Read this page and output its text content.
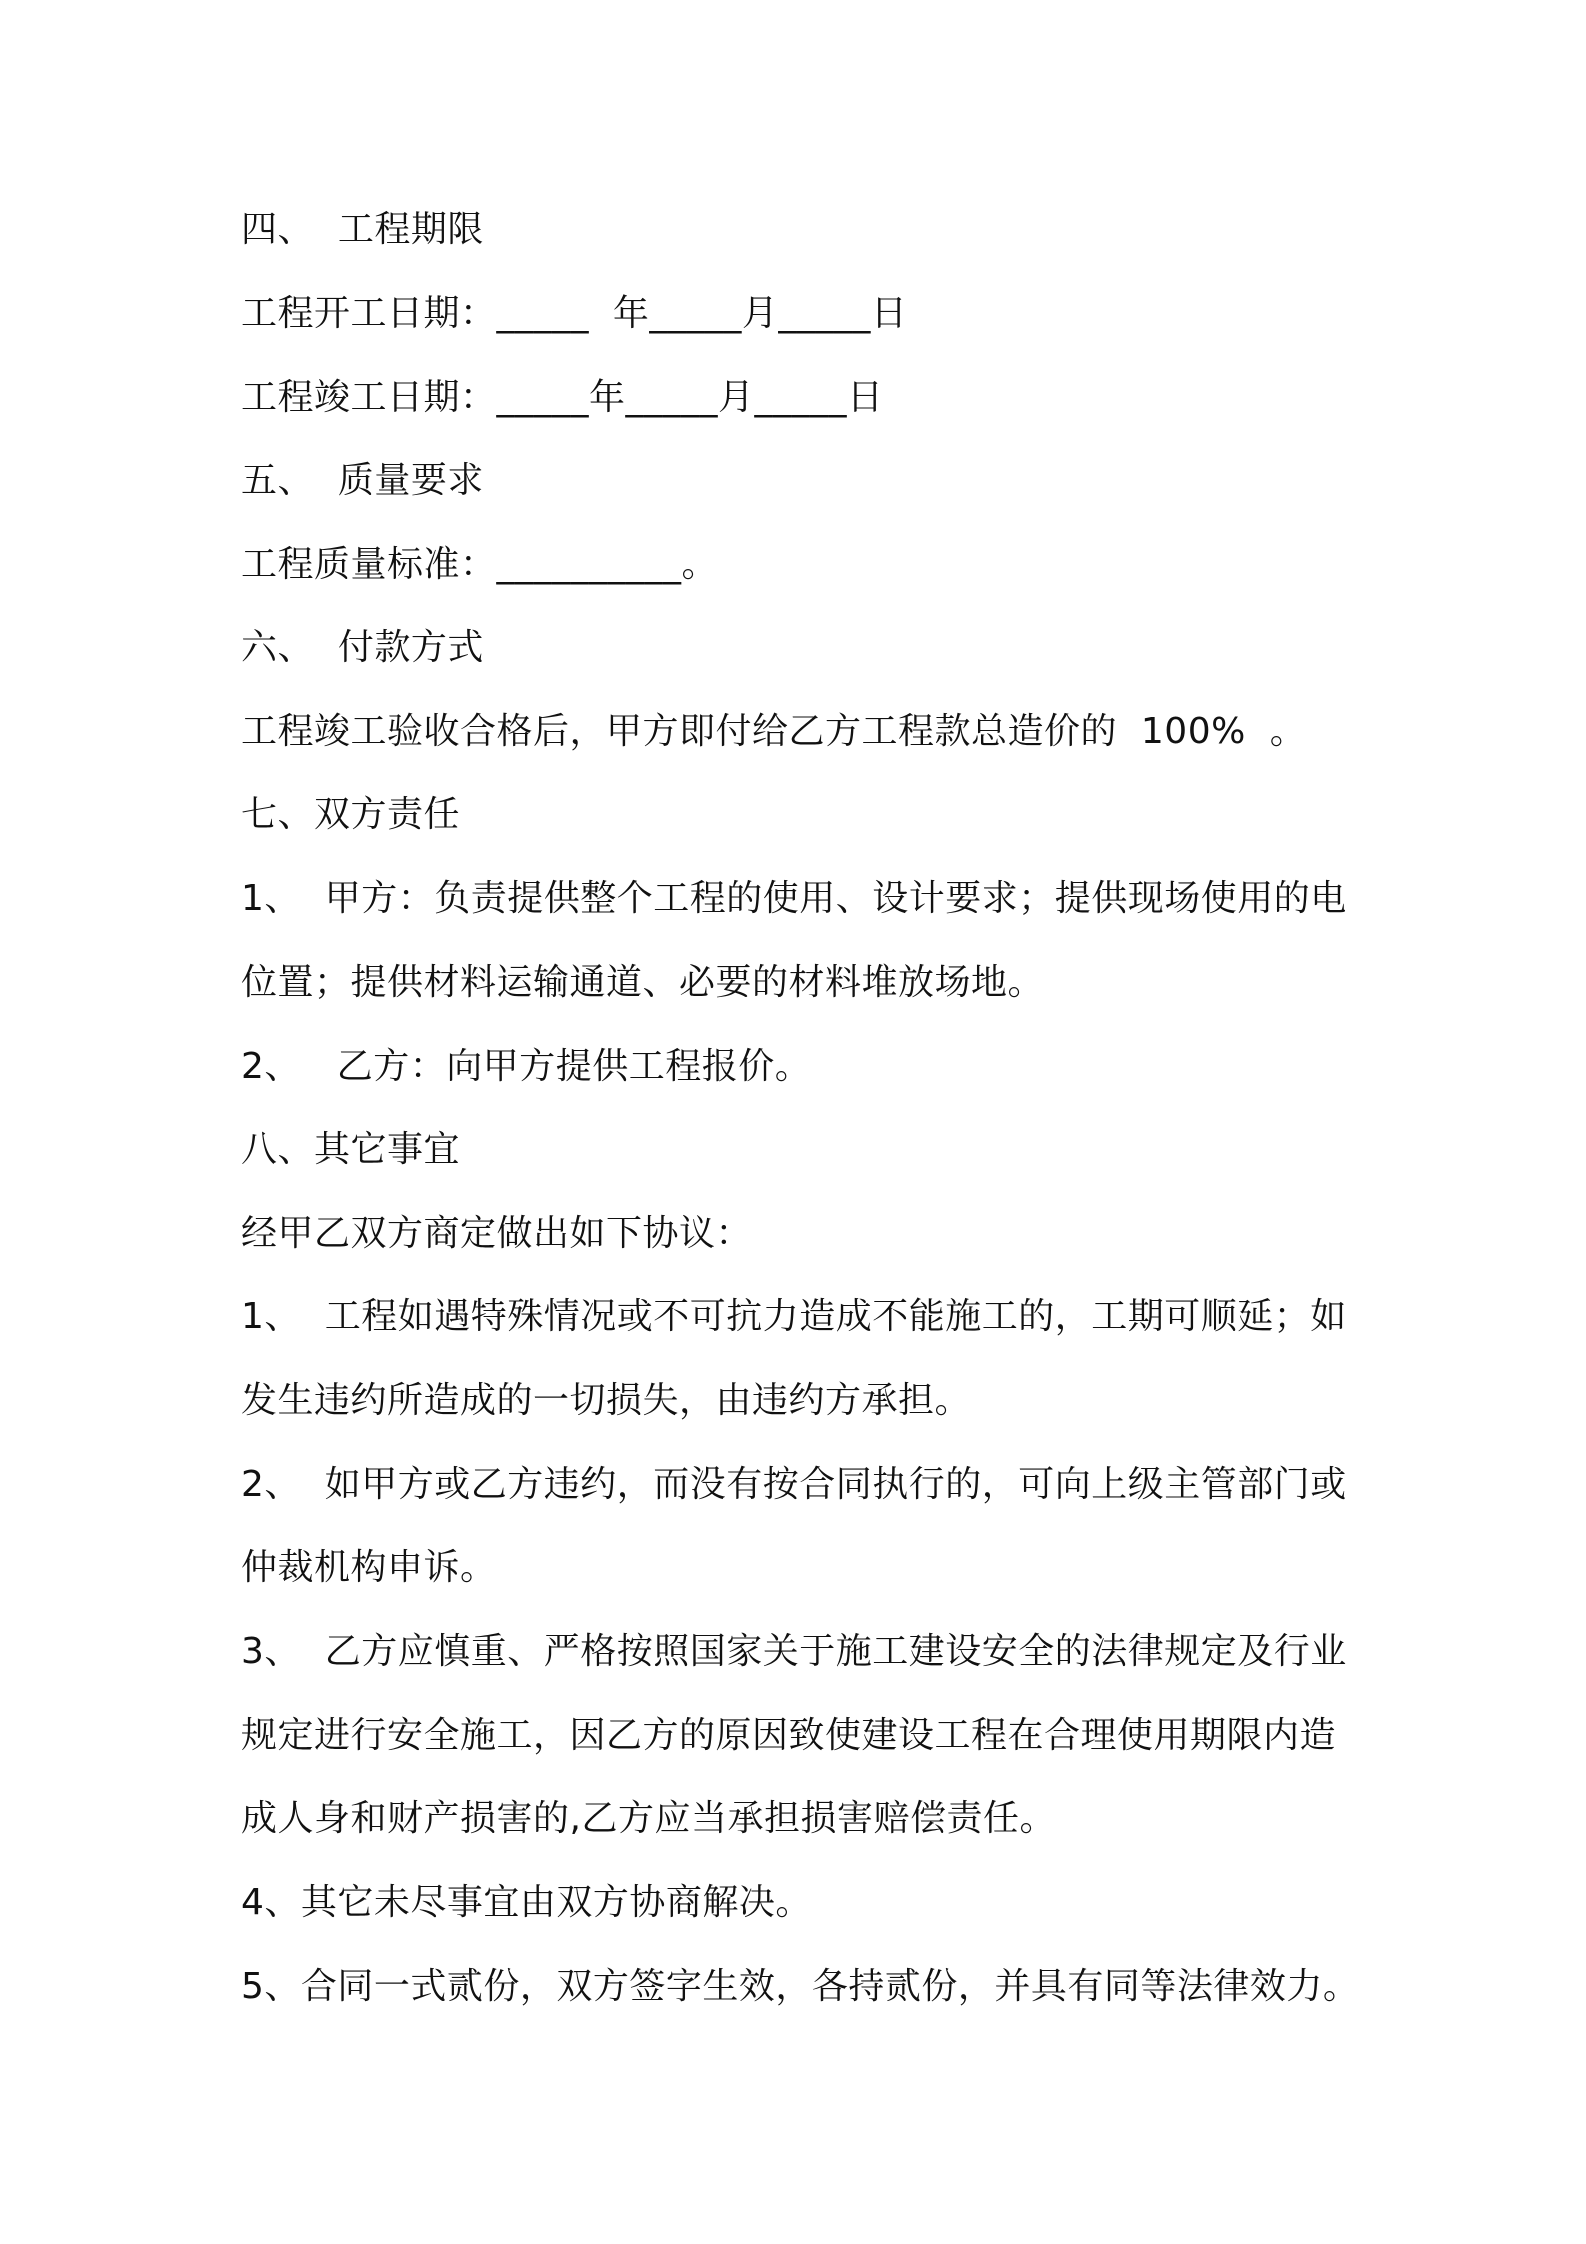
四、  工程期限
工程开工日期：_____  年_____月_____日
工程竣工日期：_____年_____月_____日
五、  质量要求
工程质量标准：__________。
六、  付款方式
工程竣工验收合格后，甲方即付给乙方工程款总造价的  100%  。
七、双方责任
1、  甲方：负责提供整个工程的使用、设计要求；提供现场使用的电
位置；提供材料运输通道、必要的材料堆放场地。
2、   乙方：向甲方提供工程报价。
八、其它事宜
经甲乙双方商定做出如下协议：
1、  工程如遇特殊情况或不可抗力造成不能施工的，工期可顺延；如
发生违约所造成的一切损失，由违约方承担。
2、  如甲方或乙方违约，而没有按合同执行的，可向上级主管部门或
仲裁机构申诉。
3、  乙方应慎重、严格按照国家关于施工建设安全的法律规定及行业
规定进行安全施工，因乙方的原因致使建设工程在合理使用期限内造
成人身和财产损害的,乙方应当承担损害赔偿责任。
4、其它未尽事宜由双方协商解决。
5、合同一式贰份，双方签字生效，各持贰份，并具有同等法律效力。
